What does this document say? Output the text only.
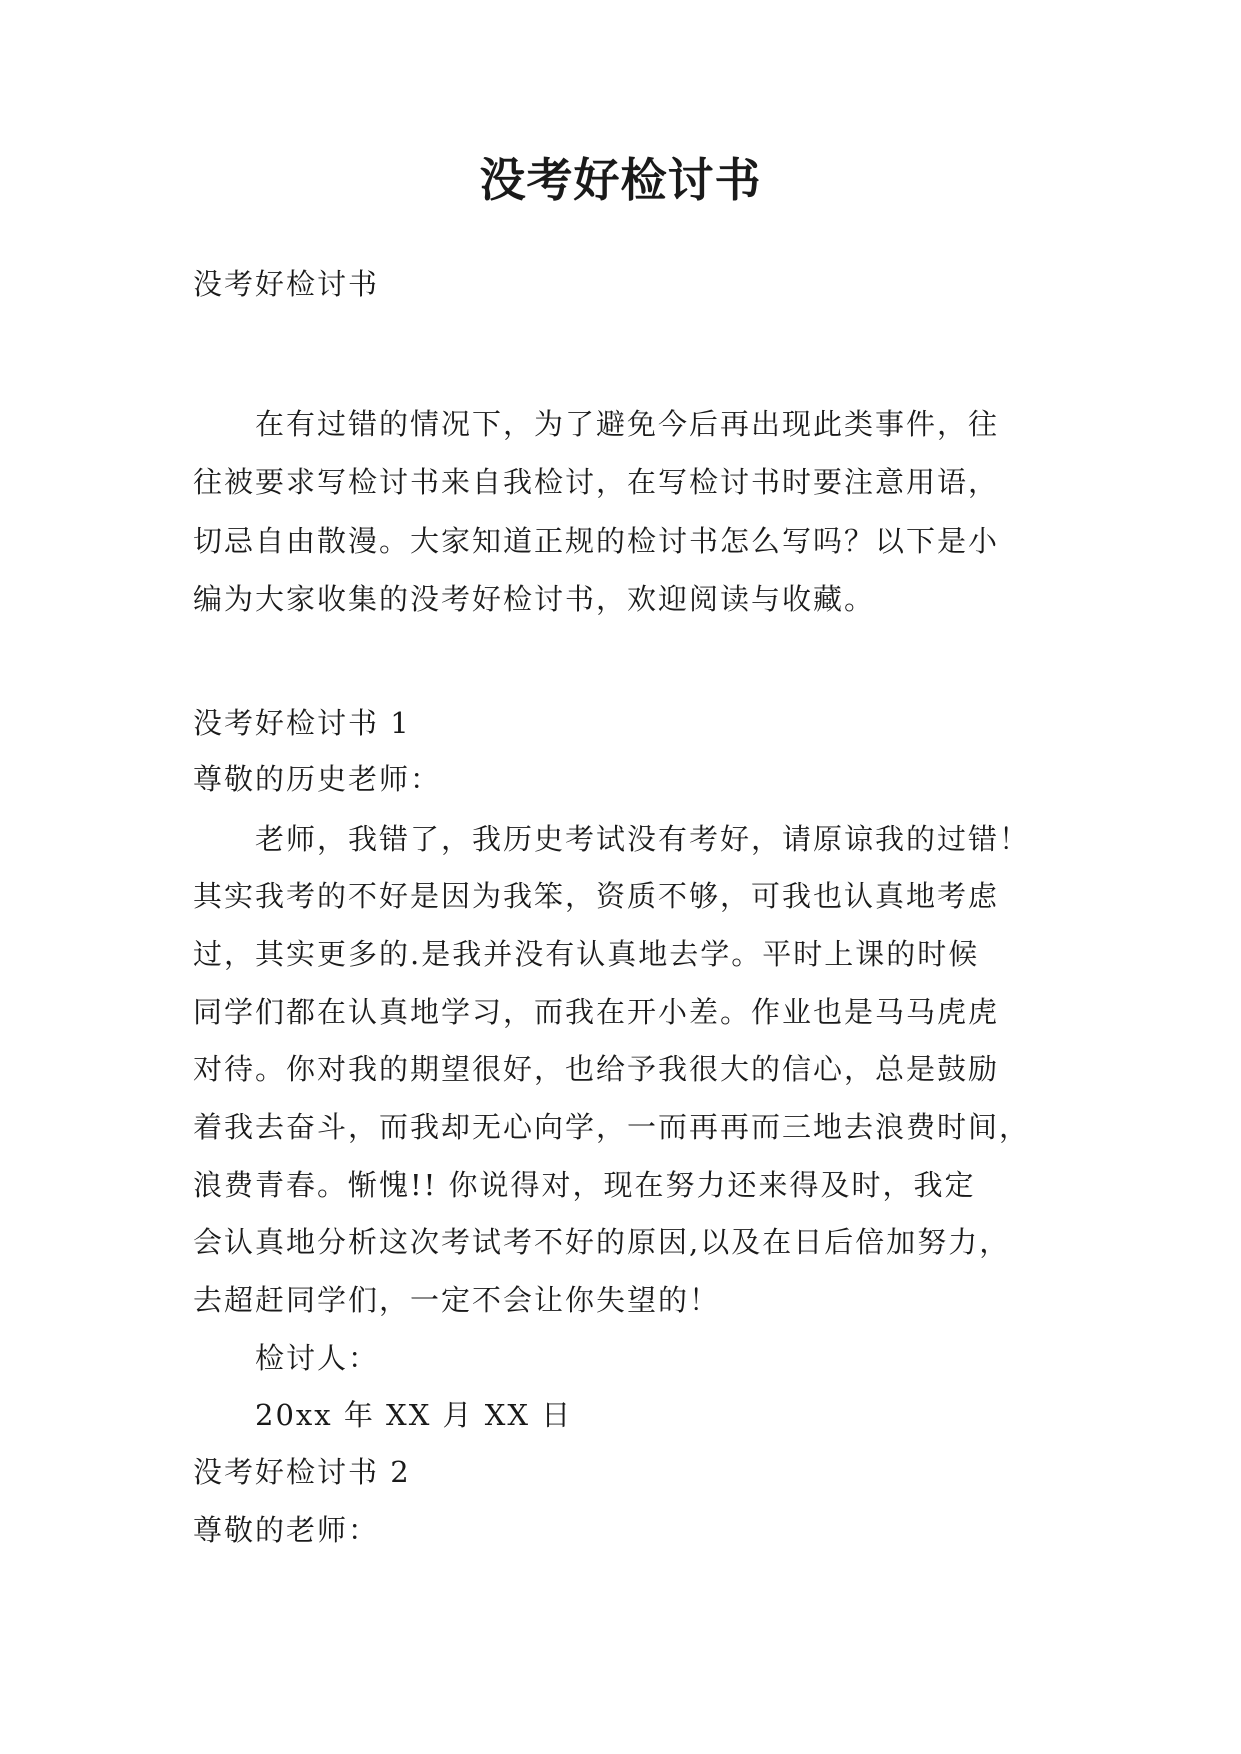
没考好检讨书
没考好检讨书
在有过错的情况下，为了避免今后再出现此类事件，往
往被要求写检讨书来自我检讨，在写检讨书时要注意用语，
切忌自由散漫。大家知道正规的检讨书怎么写吗？以下是小
编为大家收集的没考好检讨书，欢迎阅读与收藏。
没考好检讨书 1
尊敬的历史老师：
老师，我错了，我历史考试没有考好，请原谅我的过错！
其实我考的不好是因为我笨，资质不够，可我也认真地考虑
过，其实更多的.是我并没有认真地去学。平时上课的时候
同学们都在认真地学习，而我在开小差。作业也是马马虎虎
对待。你对我的期望很好，也给予我很大的信心，总是鼓励
着我去奋斗，而我却无心向学，一而再再而三地去浪费时间，
浪费青春。惭愧!! 你说得对，现在努力还来得及时，我定
会认真地分析这次考试考不好的原因,以及在日后倍加努力，
去超赶同学们，一定不会让你失望的！
检讨人：
20xx 年 XX 月 XX 日
没考好检讨书 2
尊敬的老师：
